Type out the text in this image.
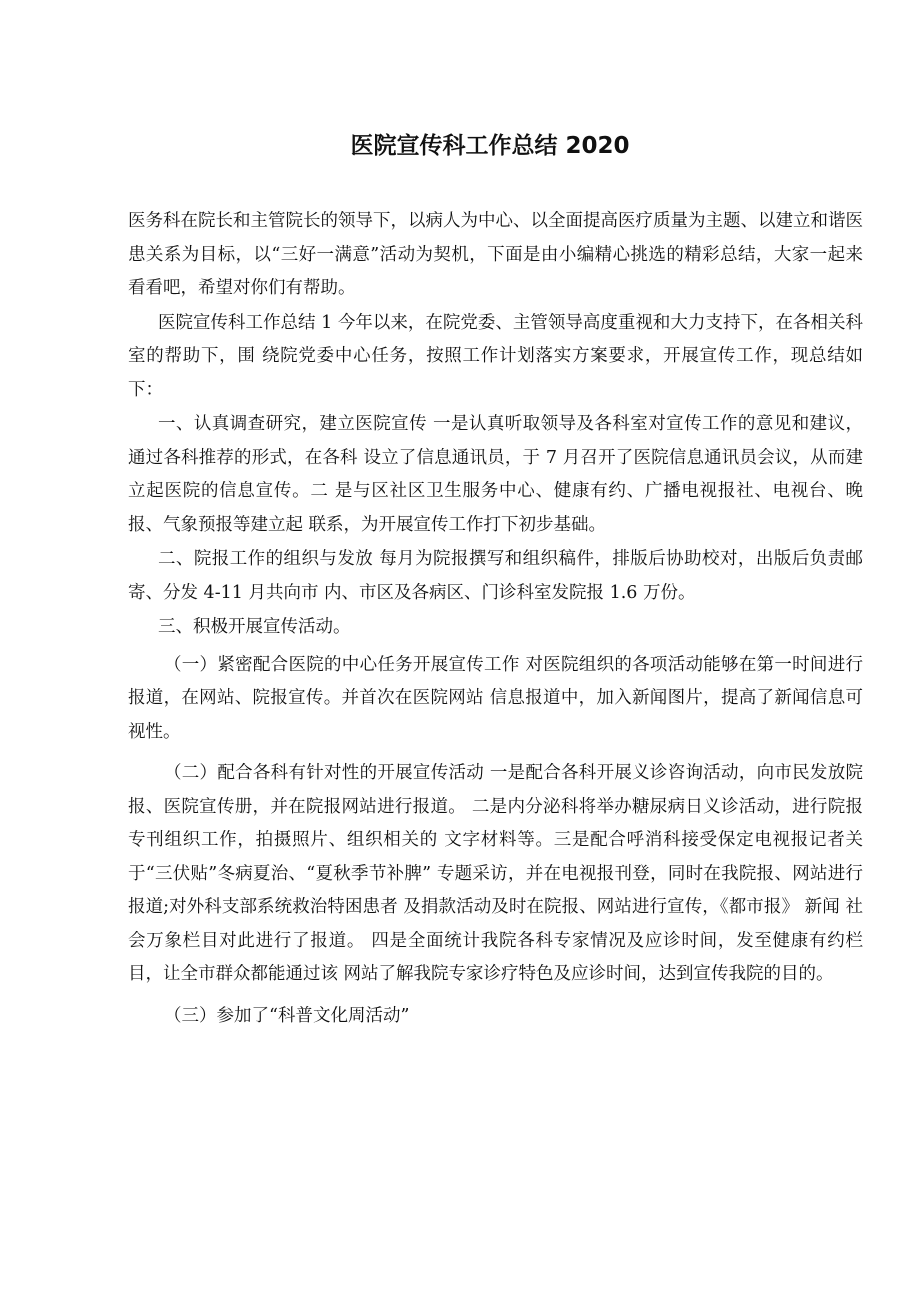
医院宣传科工作总结 2020

医务科在院长和主管院长的领导下，以病人为中心、以全面提高医疗质量为主题、以建立和谐医患关系为目标，以“三好一满意”活动为契机，下面是由小编精心挑选的精彩总结，大家一起来看看吧，希望对你们有帮助。

医院宣传科工作总结 1 今年以来，在院党委、主管领导高度重视和大力支持下，在各相关科室的帮助下，围 绕院党委中心任务，按照工作计划落实方案要求，开展宣传工作，现总结如下：

一、认真调查研究，建立医院宣传 一是认真听取领导及各科室对宣传工作的意见和建议，通过各科推荐的形式，在各科 设立了信息通讯员，于 7 月召开了医院信息通讯员会议，从而建立起医院的信息宣传。二 是与区社区卫生服务中心、健康有约、广播电视报社、电视台、晚报、气象预报等建立起 联系，为开展宣传工作打下初步基础。

二、院报工作的组织与发放 每月为院报撰写和组织稿件，排版后协助校对，出版后负责邮寄、分发 4-11 月共向市 内、市区及各病区、门诊科室发院报 1.6 万份。

三、积极开展宣传活动。

（一）紧密配合医院的中心任务开展宣传工作 对医院组织的各项活动能够在第一时间进行报道，在网站、院报宣传。并首次在医院网站 信息报道中，加入新闻图片，提高了新闻信息可视性。

（二）配合各科有针对性的开展宣传活动 一是配合各科开展义诊咨询活动，向市民发放院报、医院宣传册，并在院报网站进行报道。 二是内分泌科将举办糖尿病日义诊活动，进行院报专刊组织工作，拍摄照片、组织相关的 文字材料等。三是配合呼消科接受保定电视报记者关于“三伏贴”冬病夏治、“夏秋季节补脾” 专题采访，并在电视报刊登，同时在我院报、网站进行报道;对外科支部系统救治特困患者 及捐款活动及时在院报、网站进行宣传，《都市报》 新闻 社会万象栏目对此进行了报道。 四是全面统计我院各科专家情况及应诊时间，发至健康有约栏目，让全市群众都能通过该 网站了解我院专家诊疗特色及应诊时间，达到宣传我院的目的。

（三）参加了“科普文化周活动”
